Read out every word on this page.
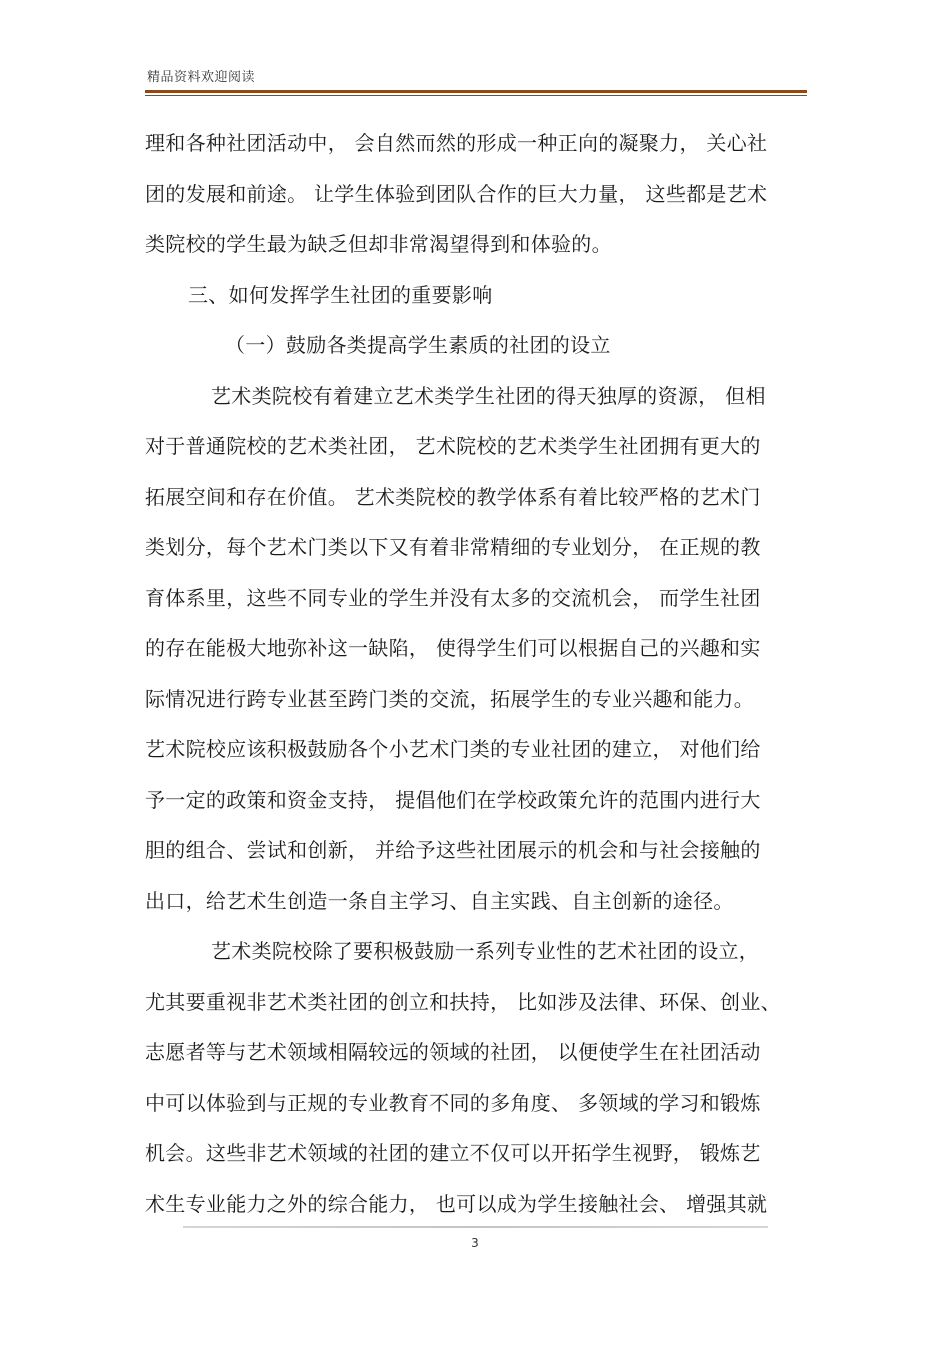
精品资料欢迎阅读
理和各种社团活动中， 会自然而然的形成一种正向的凝聚力， 关心社
团的发展和前途。 让学生体验到团队合作的巨大力量， 这些都是艺术
类院校的学生最为缺乏但却非常渴望得到和体验的。
三、如何发挥学生社团的重要影响
（一）鼓励各类提高学生素质的社团的设立
艺术类院校有着建立艺术类学生社团的得天独厚的资源， 但相
对于普通院校的艺术类社团， 艺术院校的艺术类学生社团拥有更大的
拓展空间和存在价值。 艺术类院校的教学体系有着比较严格的艺术门
类划分，每个艺术门类以下又有着非常精细的专业划分， 在正规的教
育体系里，这些不同专业的学生并没有太多的交流机会， 而学生社团
的存在能极大地弥补这一缺陷， 使得学生们可以根据自己的兴趣和实
际情况进行跨专业甚至跨门类的交流，拓展学生的专业兴趣和能力。
艺术院校应该积极鼓励各个小艺术门类的专业社团的建立， 对他们给
予一定的政策和资金支持， 提倡他们在学校政策允许的范围内进行大
胆的组合、尝试和创新， 并给予这些社团展示的机会和与社会接触的
出口，给艺术生创造一条自主学习、自主实践、自主创新的途径。
艺术类院校除了要积极鼓励一系列专业性的艺术社团的设立，
尤其要重视非艺术类社团的创立和扶持， 比如涉及法律、环保、创业、
志愿者等与艺术领域相隔较远的领域的社团， 以便使学生在社团活动
中可以体验到与正规的专业教育不同的多角度、 多领域的学习和锻炼
机会。这些非艺术领域的社团的建立不仅可以开拓学生视野， 锻炼艺
术生专业能力之外的综合能力， 也可以成为学生接触社会、 增强其就
3
